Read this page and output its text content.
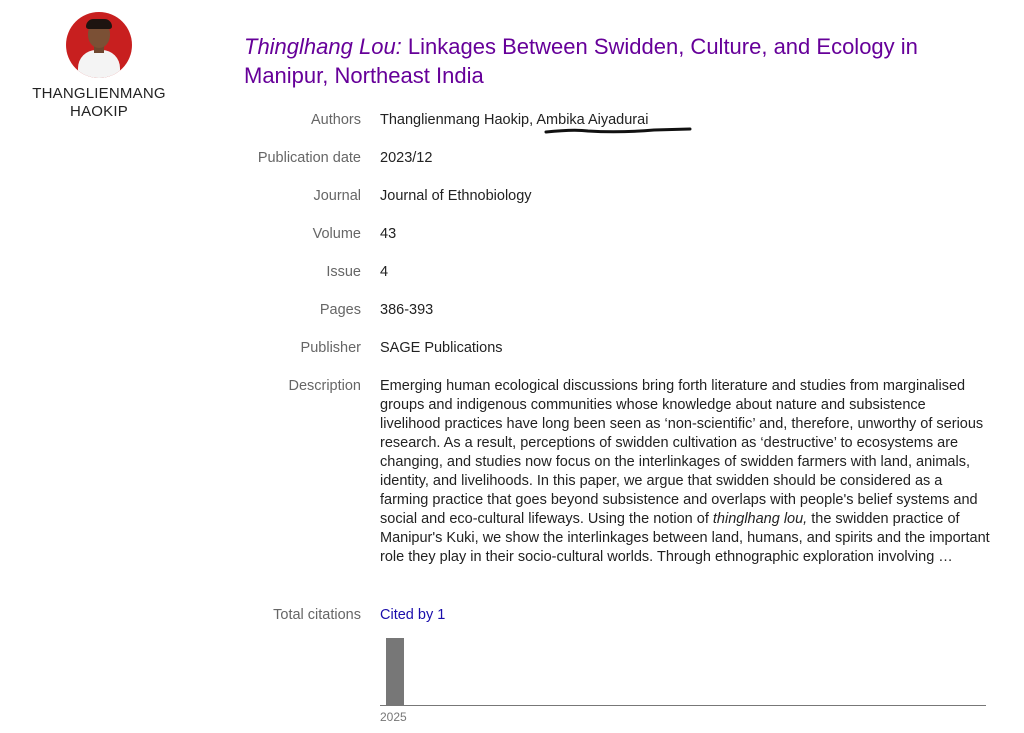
THANGLIENMANG HAOKIP
Thinglhang Lou: Linkages Between Swidden, Culture, and Ecology in Manipur, Northeast India
Authors Thanglienmang Haokip, Ambika Aiyadurai
Publication date 2023/12
Journal Journal of Ethnobiology
Volume 43
Issue 4
Pages 386-393
Publisher SAGE Publications
Description Emerging human ecological discussions bring forth literature and studies from marginalised groups and indigenous communities whose knowledge about nature and subsistence livelihood practices have long been seen as ‘non-scientific’ and, therefore, unworthy of serious research. As a result, perceptions of swidden cultivation as ‘destructive’ to ecosystems are changing, and studies now focus on the interlinkages of swidden farmers with land, animals, identity, and livelihoods. In this paper, we argue that swidden should be considered as a farming practice that goes beyond subsistence and overlaps with people's belief systems and social and eco-cultural lifeways. Using the notion of thinglhang lou, the swidden practice of Manipur's Kuki, we show the interlinkages between land, humans, and spirits and the important role they play in their socio-cultural worlds. Through ethnographic exploration involving …
Total citations Cited by 1
2025
